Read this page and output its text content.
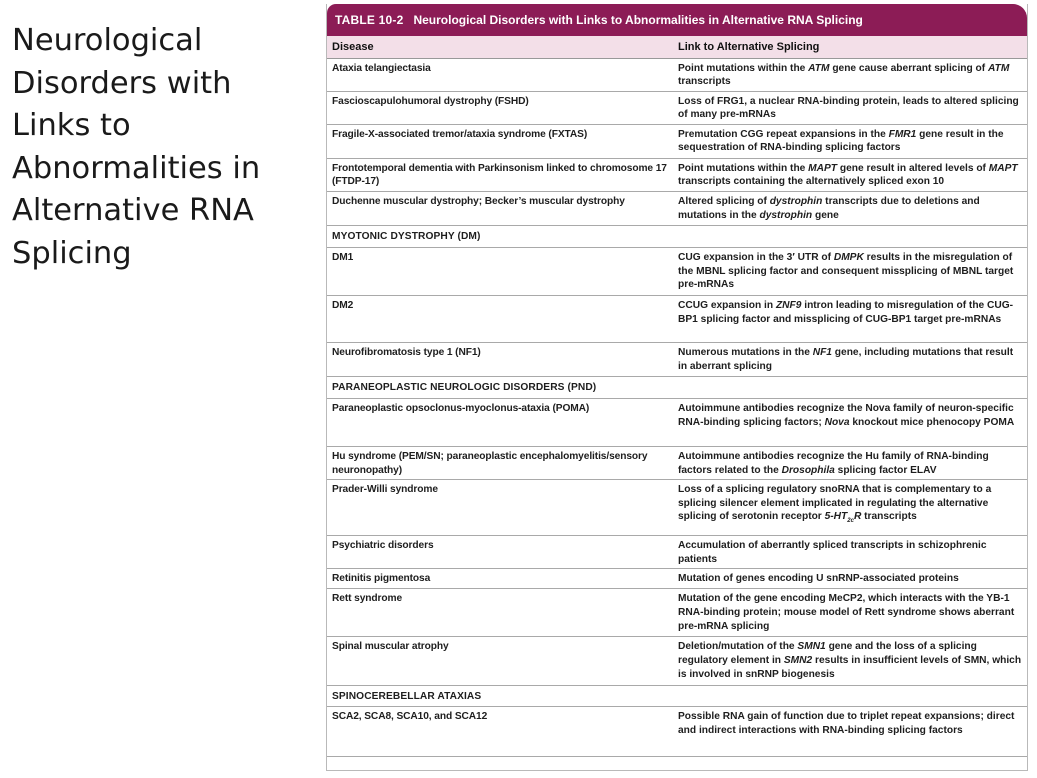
Neurological Disorders with Links to Abnormalities in Alternative RNA Splicing
TABLE 10-2 Neurological Disorders with Links to Abnormalities in Alternative RNA Splicing
Disease	Link to Alternative Splicing
Ataxia telangiectasia	Point mutations within the ATM gene cause aberrant splicing of ATM transcripts
Fascioscapulohumoral dystrophy (FSHD)	Loss of FRG1, a nuclear RNA-binding protein, leads to altered splicing of many pre-mRNAs
Fragile-X-associated tremor/ataxia syndrome (FXTAS)	Premutation CGG repeat expansions in the FMR1 gene result in the sequestration of RNA-binding splicing factors
Frontotemporal dementia with Parkinsonism linked to chromosome 17 (FTDP-17)	Point mutations within the MAPT gene result in altered levels of MAPT transcripts containing the alternatively spliced exon 10
Duchenne muscular dystrophy; Becker’s muscular dystrophy	Altered splicing of dystrophin transcripts due to deletions and mutations in the dystrophin gene
MYOTONIC DYSTROPHY (DM)	
DM1	CUG expansion in the 3′ UTR of DMPK results in the misregulation of the MBNL splicing factor and consequent missplicing of MBNL target pre-mRNAs
DM2	CCUG expansion in ZNF9 intron leading to misregulation of the CUG-BP1 splicing factor and missplicing of CUG-BP1 target pre-mRNAs
Neurofibromatosis type 1 (NF1)	Numerous mutations in the NF1 gene, including mutations that result in aberrant splicing
PARANEOPLASTIC NEUROLOGIC DISORDERS (PND)	
Paraneoplastic opsoclonus-myoclonus-ataxia (POMA)	Autoimmune antibodies recognize the Nova family of neuron-specific RNA-binding splicing factors; Nova knockout mice phenocopy POMA
Hu syndrome (PEM/SN; paraneoplastic encephalomyelitis/sensory neuronopathy)	Autoimmune antibodies recognize the Hu family of RNA-binding factors related to the Drosophila splicing factor ELAV
Prader-Willi syndrome	Loss of a splicing regulatory snoRNA that is complementary to a splicing silencer element implicated in regulating the alternative splicing of serotonin receptor $5-HT_{2c}R$ transcripts
Psychiatric disorders	Accumulation of aberrantly spliced transcripts in schizophrenic patients
Retinitis pigmentosa	Mutation of genes encoding U snRNP-associated proteins
Rett syndrome	Mutation of the gene encoding MeCP2, which interacts with the YB-1 RNA-binding protein; mouse model of Rett syndrome shows aberrant pre-mRNA splicing
Spinal muscular atrophy	Deletion/mutation of the SMN1 gene and the loss of a splicing regulatory element in SMN2 results in insufficient levels of SMN, which is involved in snRNP biogenesis
SPINOCEREBELLAR ATAXIAS	
SCA2, SCA8, SCA10, and SCA12	Possible RNA gain of function due to triplet repeat expansions; direct and indirect interactions with RNA-binding splicing factors
